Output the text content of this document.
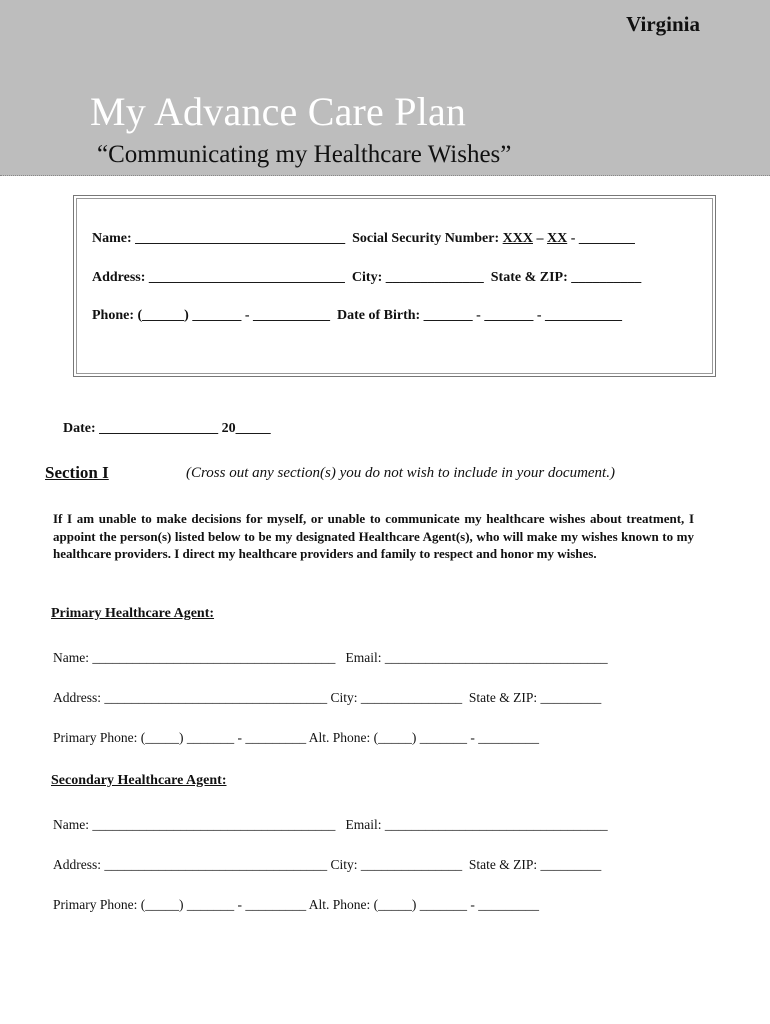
Virginia
My Advance Care Plan
“Communicating my Healthcare Wishes”
Name: ______________________________  Social Security Number: XXX – XX - ________
Address: ____________________________  City: ______________  State & ZIP: __________
Phone: (______) _______ - ___________  Date of Birth: _______ - _______ - ___________
Date: _________________ 20_____
Section I	(Cross out any section(s) you do not wish to include in your document.)
If I am unable to make decisions for myself, or unable to communicate my healthcare wishes about treatment, I appoint the person(s) listed below to be my designated Healthcare Agent(s), who will make my wishes known to my healthcare providers. I direct my healthcare providers and family to respect and honor my wishes.
Primary Healthcare Agent:
Name: ____________________________________   Email: _________________________________
Address: _________________________________ City: _______________  State & ZIP: _________
Primary Phone: (_____) _______ - _________ Alt. Phone: (_____) _______ - _________
Secondary Healthcare Agent:
Name: ____________________________________   Email: _________________________________
Address: _________________________________ City: _______________  State & ZIP: _________
Primary Phone: (_____) _______ - _________ Alt. Phone: (_____) _______ - _________
